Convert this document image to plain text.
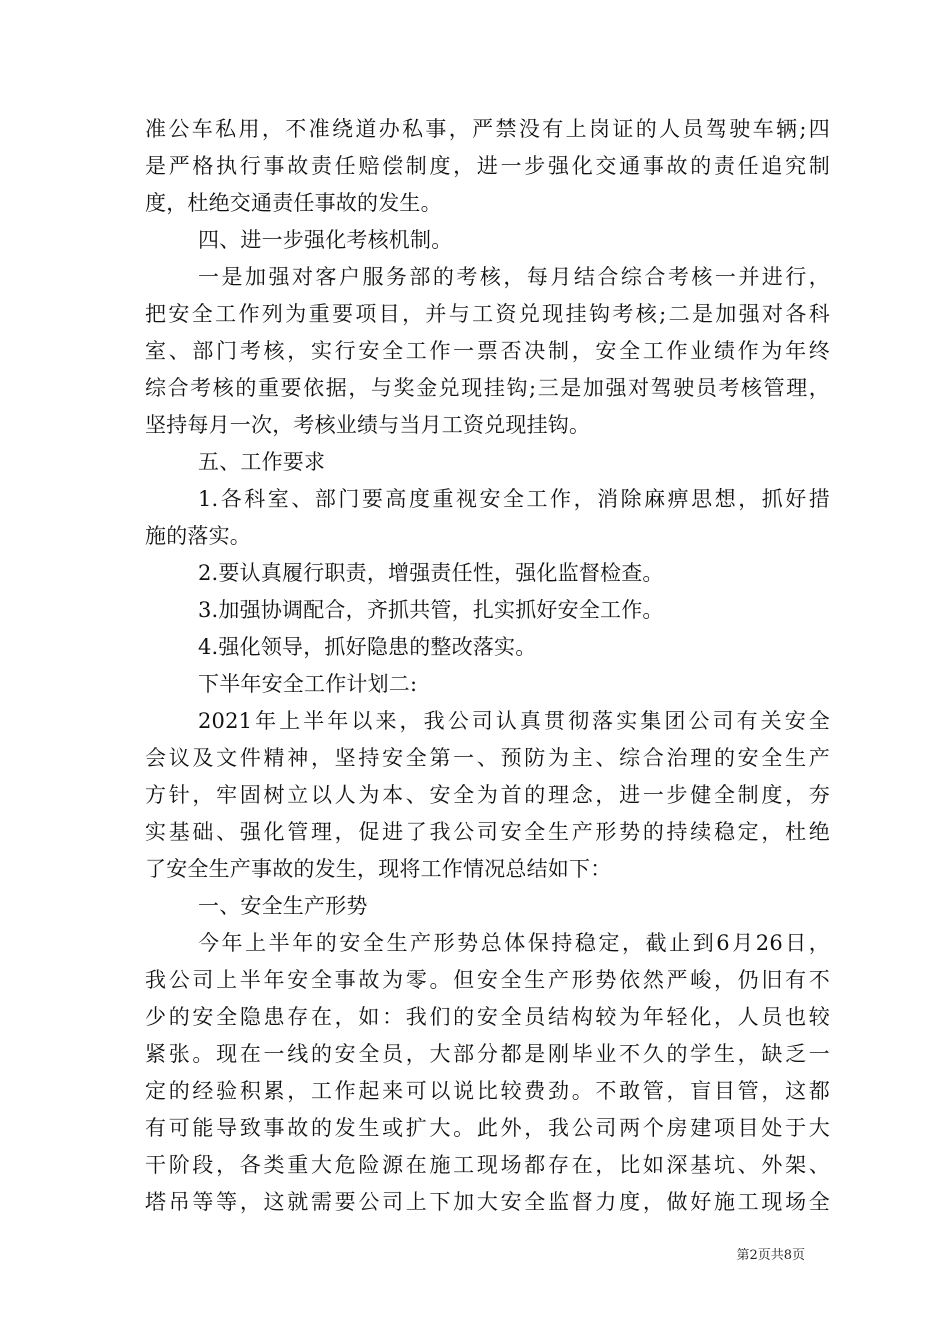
准公车私用，不准绕道办私事，严禁没有上岗证的人员驾驶车辆;四
是严格执行事故责任赔偿制度，进一步强化交通事故的责任追究制
度，杜绝交通责任事故的发生。
四、进一步强化考核机制。
一是加强对客户服务部的考核，每月结合综合考核一并进行，
把安全工作列为重要项目，并与工资兑现挂钩考核;二是加强对各科
室、部门考核，实行安全工作一票否决制，安全工作业绩作为年终
综合考核的重要依据，与奖金兑现挂钩;三是加强对驾驶员考核管理，
坚持每月一次，考核业绩与当月工资兑现挂钩。
五、工作要求
1.各科室、部门要高度重视安全工作，消除麻痹思想，抓好措
施的落实。
2.要认真履行职责，增强责任性，强化监督检查。
3.加强协调配合，齐抓共管，扎实抓好安全工作。
4.强化领导，抓好隐患的整改落实。
下半年安全工作计划二:
2021年上半年以来，我公司认真贯彻落实集团公司有关安全
会议及文件精神，坚持安全第一、预防为主、综合治理的安全生产
方针，牢固树立以人为本、安全为首的理念，进一步健全制度，夯
实基础、强化管理，促进了我公司安全生产形势的持续稳定，杜绝
了安全生产事故的发生，现将工作情况总结如下：
一、安全生产形势
今年上半年的安全生产形势总体保持稳定，截止到6月26日，
我公司上半年安全事故为零。但安全生产形势依然严峻，仍旧有不
少的安全隐患存在，如：我们的安全员结构较为年轻化，人员也较
紧张。现在一线的安全员，大部分都是刚毕业不久的学生，缺乏一
定的经验积累，工作起来可以说比较费劲。不敢管，盲目管，这都
有可能导致事故的发生或扩大。此外，我公司两个房建项目处于大
干阶段，各类重大危险源在施工现场都存在，比如深基坑、外架、
塔吊等等，这就需要公司上下加大安全监督力度，做好施工现场全
第2页共8页
